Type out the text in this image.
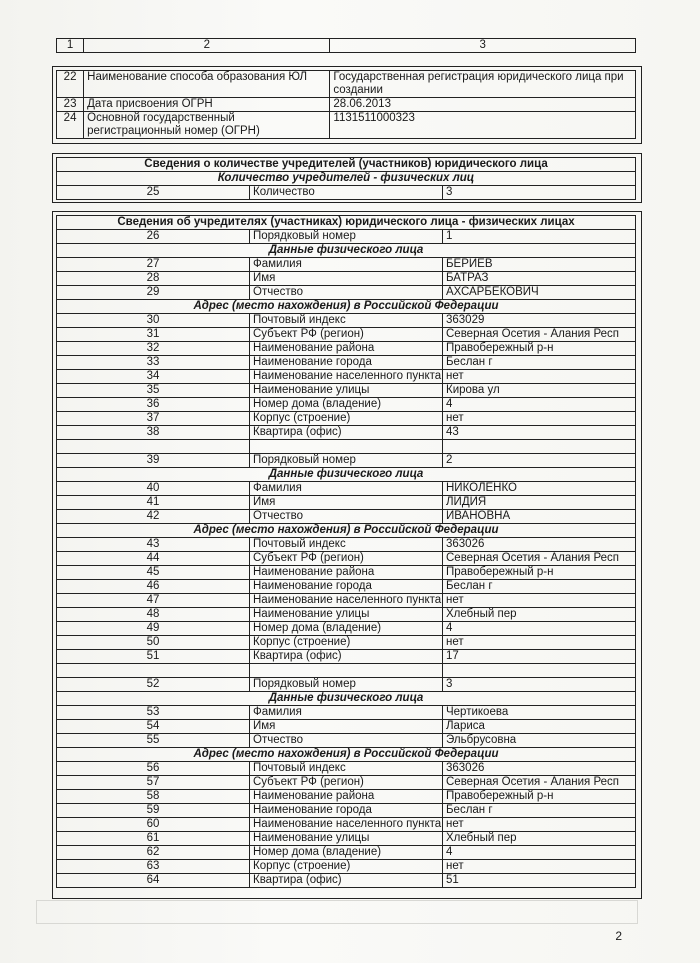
1	2	3
22	Наименование способа образования ЮЛ	Государственная регистрация юридического лица при создании
23	Дата присвоения ОГРН	28.06.2013
24	Основной государственный регистрационный номер (ОГРН)	1131511000323
Сведения о количестве учредителей (участников) юридического лица
Количество учредителей - физических лиц
25	Количество	3
Сведения об учредителях (участниках) юридического лица - физических лицах		
26	Порядковый номер	1
Данные физического лица		
27	Фамилия	БЕРИЕВ
28	Имя	БАТРАЗ
29	Отчество	АХСАРБЕКОВИЧ
Адрес (место нахождения) в Российской Федерации		
30	Почтовый индекс	363029
31	Субъект РФ (регион)	Северная Осетия - Алания Респ
32	Наименование района	Правобережный р-н
33	Наименование города	Беслан г
34	Наименование населенного пункта	нет
35	Наименование улицы	Кирова ул
36	Номер дома (владение)	4
37	Корпус (строение)	нет
38	Квартира (офис)	43

39	Порядковый номер	2
Данные физического лица		
40	Фамилия	НИКОЛЕНКО
41	Имя	ЛИДИЯ
42	Отчество	ИВАНОВНА
Адрес (место нахождения) в Российской Федерации		
43	Почтовый индекс	363026
44	Субъект РФ (регион)	Северная Осетия - Алания Респ
45	Наименование района	Правобережный р-н
46	Наименование города	Беслан г
47	Наименование населенного пункта	нет
48	Наименование улицы	Хлебный пер
49	Номер дома (владение)	4
50	Корпус (строение)	нет
51	Квартира (офис)	17

52	Порядковый номер	3
Данные физического лица		
53	Фамилия	Чертикоева
54	Имя	Лариса
55	Отчество	Эльбрусовна
Адрес (место нахождения) в Российской Федерации		
56	Почтовый индекс	363026
57	Субъект РФ (регион)	Северная Осетия - Алания Респ
58	Наименование района	Правобережный р-н
59	Наименование города	Беслан г
60	Наименование населенного пункта	нет
61	Наименование улицы	Хлебный пер
62	Номер дома (владение)	4
63	Корпус (строение)	нет
64	Квартира (офис)	51
2
